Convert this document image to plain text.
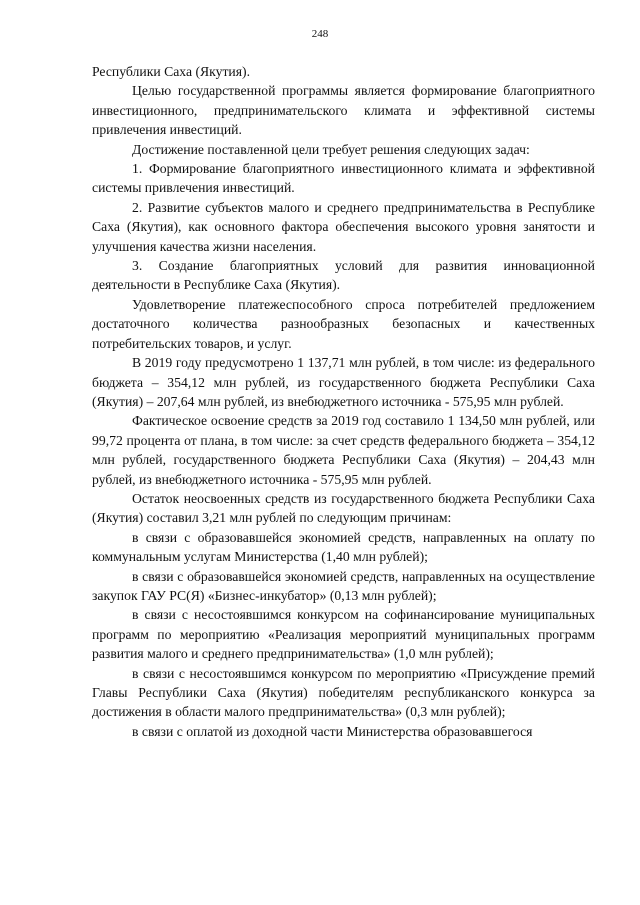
248

Республики Саха (Якутия).

Целью государственной программы является формирование благоприятного инвестиционного, предпринимательского климата и эффективной системы привлечения инвестиций.

Достижение поставленной цели требует решения следующих задач:

1. Формирование благоприятного инвестиционного климата и эффективной системы привлечения инвестиций.

2. Развитие субъектов малого и среднего предпринимательства в Республике Саха (Якутия), как основного фактора обеспечения высокого уровня занятости и улучшения качества жизни населения.

3. Создание благоприятных условий для развития инновационной деятельности в Республике Саха (Якутия).

Удовлетворение платежеспособного спроса потребителей предложением достаточного количества разнообразных безопасных и качественных потребительских товаров, и услуг.

В 2019 году предусмотрено 1 137,71 млн рублей, в том числе: из федерального бюджета – 354,12 млн рублей, из государственного бюджета Республики Саха (Якутия) – 207,64 млн рублей, из внебюджетного источника - 575,95 млн рублей.

Фактическое освоение средств за 2019 год составило 1 134,50 млн рублей, или 99,72 процента от плана, в том числе: за счет средств федерального бюджета – 354,12 млн рублей, государственного бюджета Республики Саха (Якутия) – 204,43 млн рублей, из внебюджетного источника - 575,95 млн рублей.

Остаток неосвоенных средств из государственного бюджета Республики Саха (Якутия) составил 3,21 млн рублей по следующим причинам:

в связи с образовавшейся экономией средств, направленных на оплату по коммунальным услугам Министерства (1,40 млн рублей);

в связи с образовавшейся экономией средств, направленных на осуществление закупок ГАУ РС(Я) «Бизнес-инкубатор» (0,13 млн рублей);

в связи с несостоявшимся конкурсом на софинансирование муниципальных программ по мероприятию «Реализация мероприятий муниципальных программ развития малого и среднего предпринимательства» (1,0 млн рублей);

в связи с несостоявшимся конкурсом по мероприятию «Присуждение премий Главы Республики Саха (Якутия) победителям республиканского конкурса за достижения в области малого предпринимательства» (0,3 млн рублей);

в связи с оплатой из доходной части Министерства образовавшегося
